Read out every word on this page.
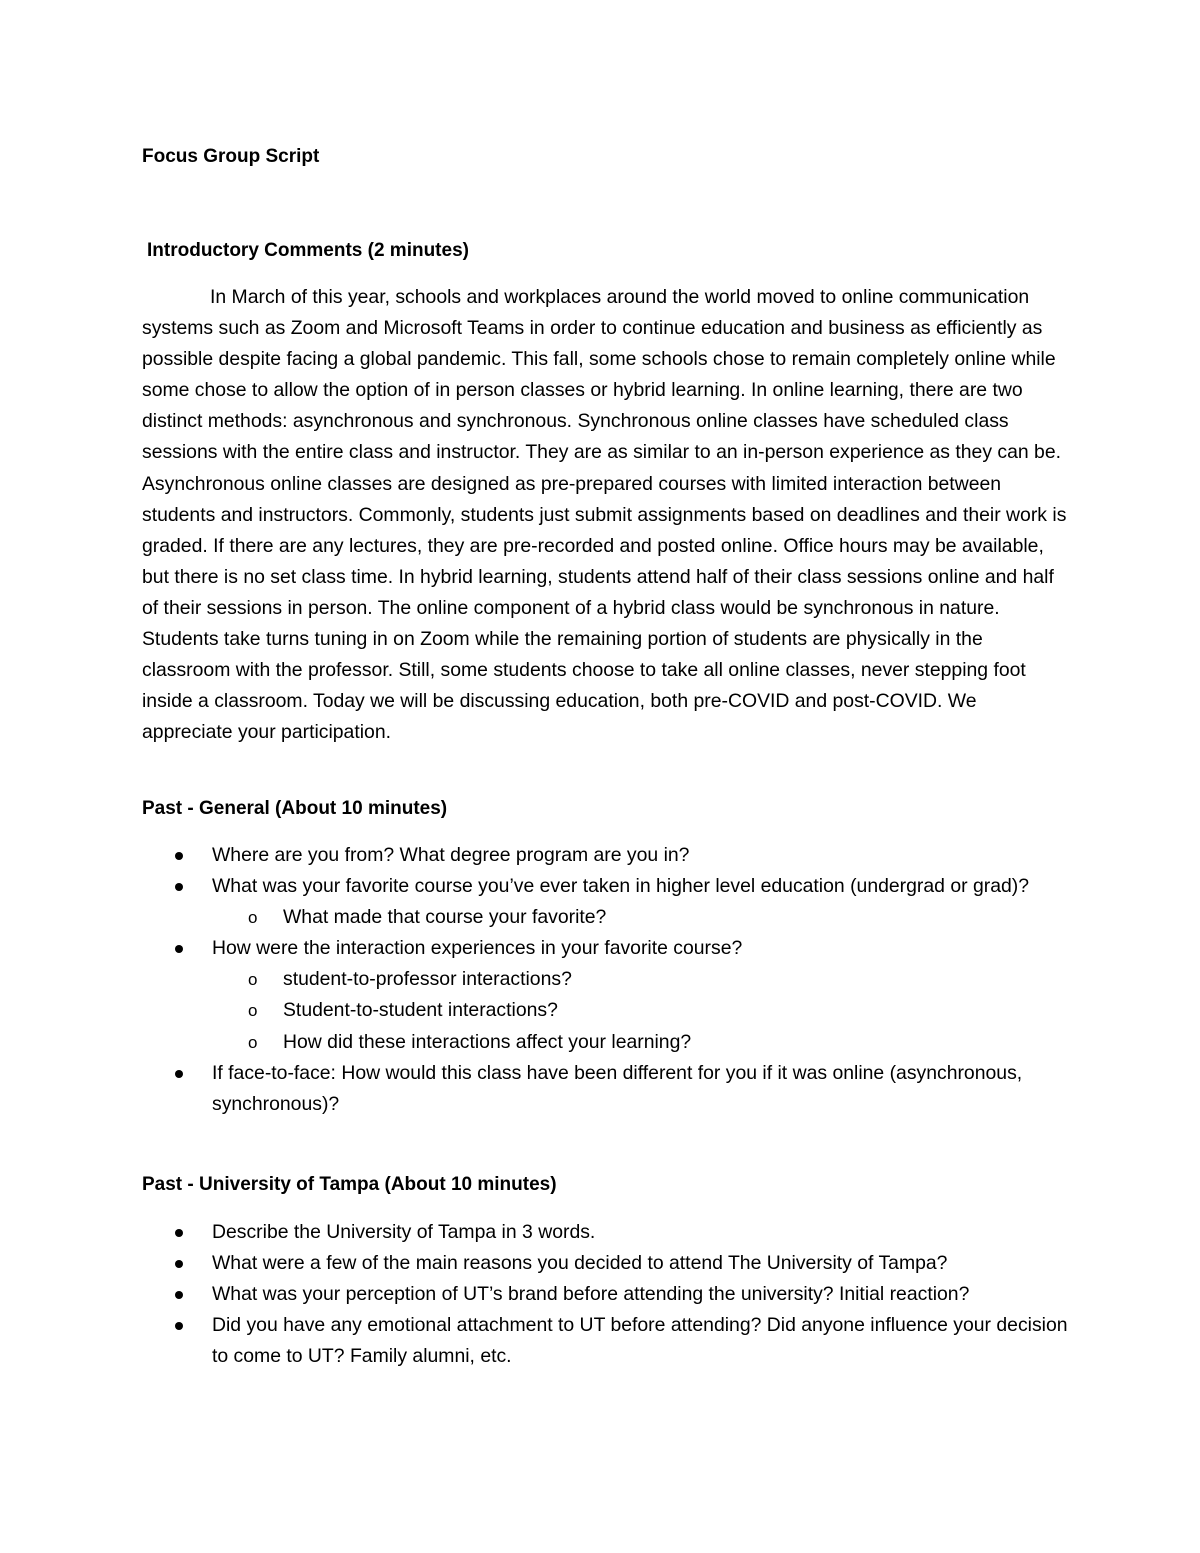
Focus Group Script
Introductory Comments (2 minutes)

In March of this year, schools and workplaces around the world moved to online communication systems such as Zoom and Microsoft Teams in order to continue education and business as efficiently as possible despite facing a global pandemic. This fall, some schools chose to remain completely online while some chose to allow the option of in person classes or hybrid learning. In online learning, there are two distinct methods: asynchronous and synchronous. Synchronous online classes have scheduled class sessions with the entire class and instructor. They are as similar to an in-person experience as they can be. Asynchronous online classes are designed as pre-prepared courses with limited interaction between students and instructors. Commonly, students just submit assignments based on deadlines and their work is graded. If there are any lectures, they are pre-recorded and posted online. Office hours may be available, but there is no set class time. In hybrid learning, students attend half of their class sessions online and half of their sessions in person. The online component of a hybrid class would be synchronous in nature. Students take turns tuning in on Zoom while the remaining portion of students are physically in the classroom with the professor. Still, some students choose to take all online classes, never stepping foot inside a classroom. Today we will be discussing education, both pre-COVID and post-COVID. We appreciate your participation.

Past - General (About 10 minutes)
Where are you from? What degree program are you in?
What was your favorite course you’ve ever taken in higher level education (undergrad or grad)?
o What made that course your favorite?
How were the interaction experiences in your favorite course?
o student-to-professor interactions?
o Student-to-student interactions?
o How did these interactions affect your learning?
If face-to-face: How would this class have been different for you if it was online (asynchronous, synchronous)?
Past - University of Tampa (About 10 minutes)
Describe the University of Tampa in 3 words.
What were a few of the main reasons you decided to attend The University of Tampa?
What was your perception of UT’s brand before attending the university? Initial reaction?
Did you have any emotional attachment to UT before attending? Did anyone influence your decision to come to UT? Family alumni, etc.
